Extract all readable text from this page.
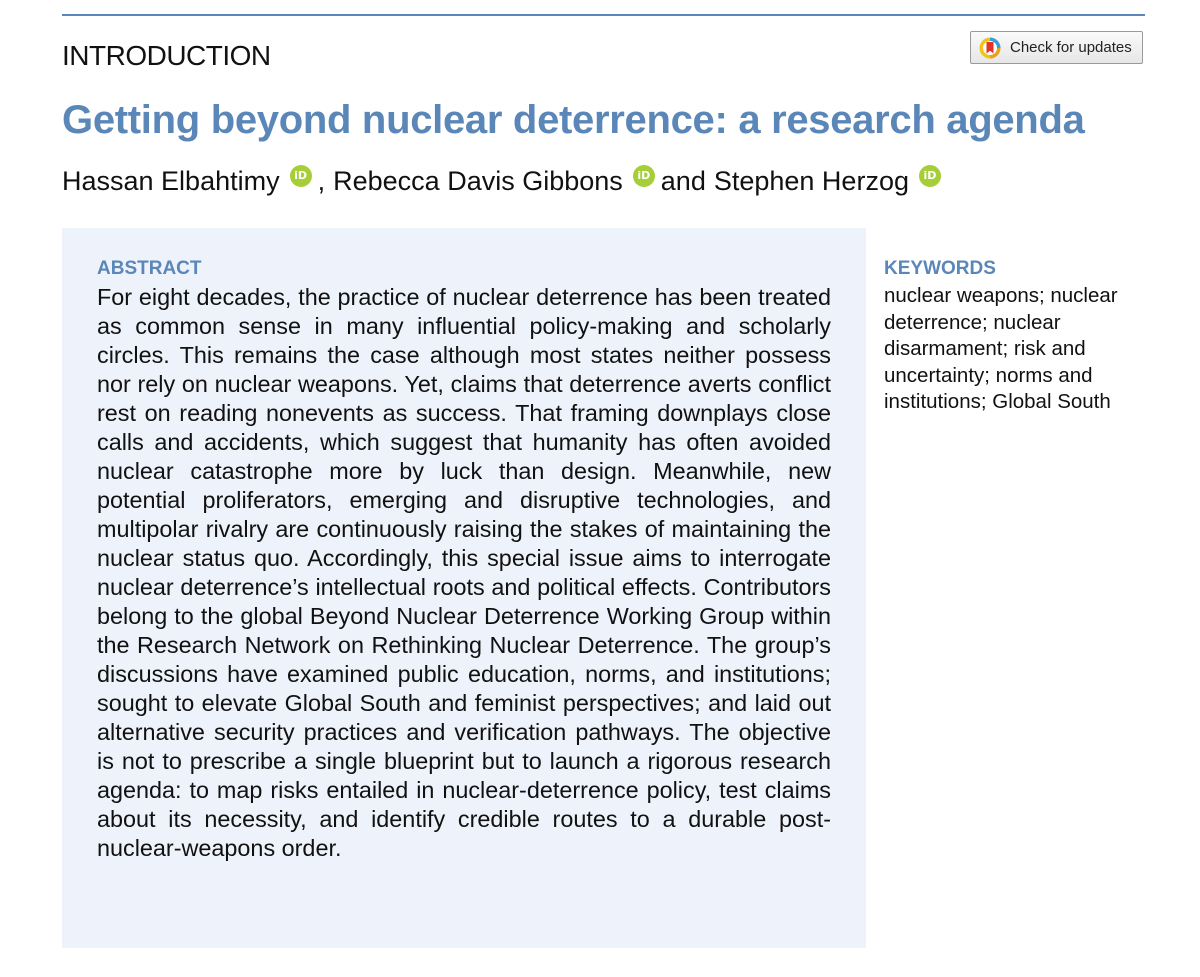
INTRODUCTION	Check for updates
Getting beyond nuclear deterrence: a research agenda
Hassan Elbahtimy	iD , Rebecca Davis Gibbons	iD and Stephen Herzog	iD
ABSTRACT

For eight decades, the practice of nuclear deterrence has been treated as common sense in many influential policy-making and scholarly circles. This remains the case although most states neither possess nor rely on nuclear weapons. Yet, claims that deterrence averts conflict rest on reading nonevents as success. That framing downplays close calls and accidents, which suggest that humanity has often avoided nuclear catastrophe more by luck than design. Meanwhile, new potential proliferators, emerging and disruptive technologies, and multipolar rivalry are continuously raising the stakes of maintaining the nuclear status quo. Accordingly, this special issue aims to interrogate nuclear deterrence’s intellectual roots and political effects. Contributors belong to the global Beyond Nuclear Deterrence Working Group within the Research Network on Rethinking Nuclear Deterrence. The group’s discussions have examined public education, norms, and institutions; sought to elevate Global South and feminist perspectives; and laid out alternative security practices and verification pathways. The objective is not to prescribe a single blueprint but to launch a rigorous research agenda: to map risks entailed in nuclear-deterrence policy, test claims about its necessity, and identify credible routes to a durable post-nuclear-weapons order.

KEYWORDS

nuclear weapons; nuclear deterrence; nuclear disarmament; risk and uncertainty; norms and institutions; Global South
